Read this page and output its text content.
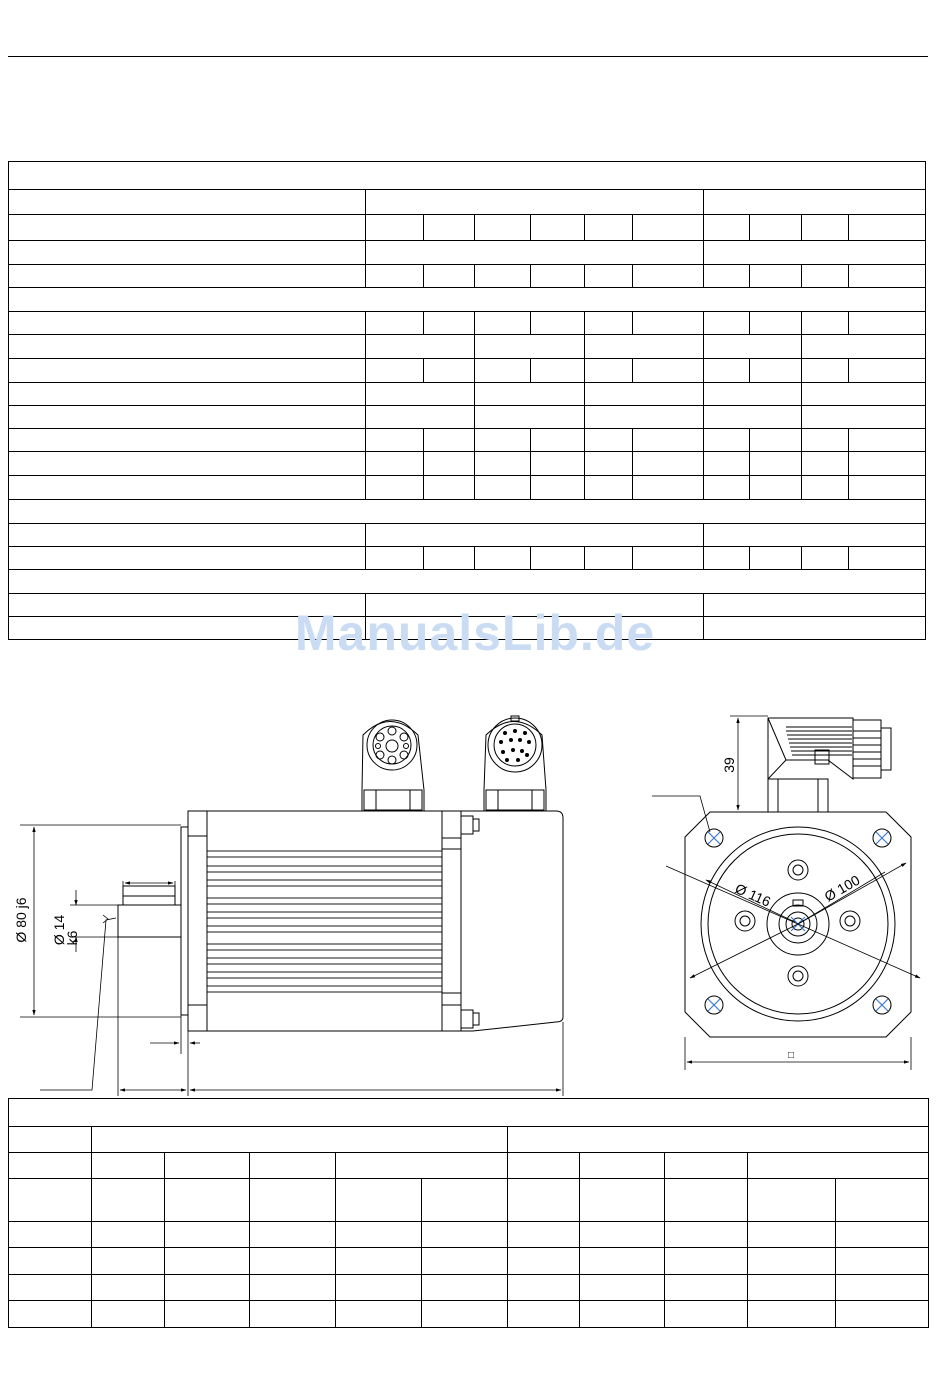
ManualsLib.de
Ø 80 j6 Ø 14
k6
Ø 116	Ø 100
39
□
